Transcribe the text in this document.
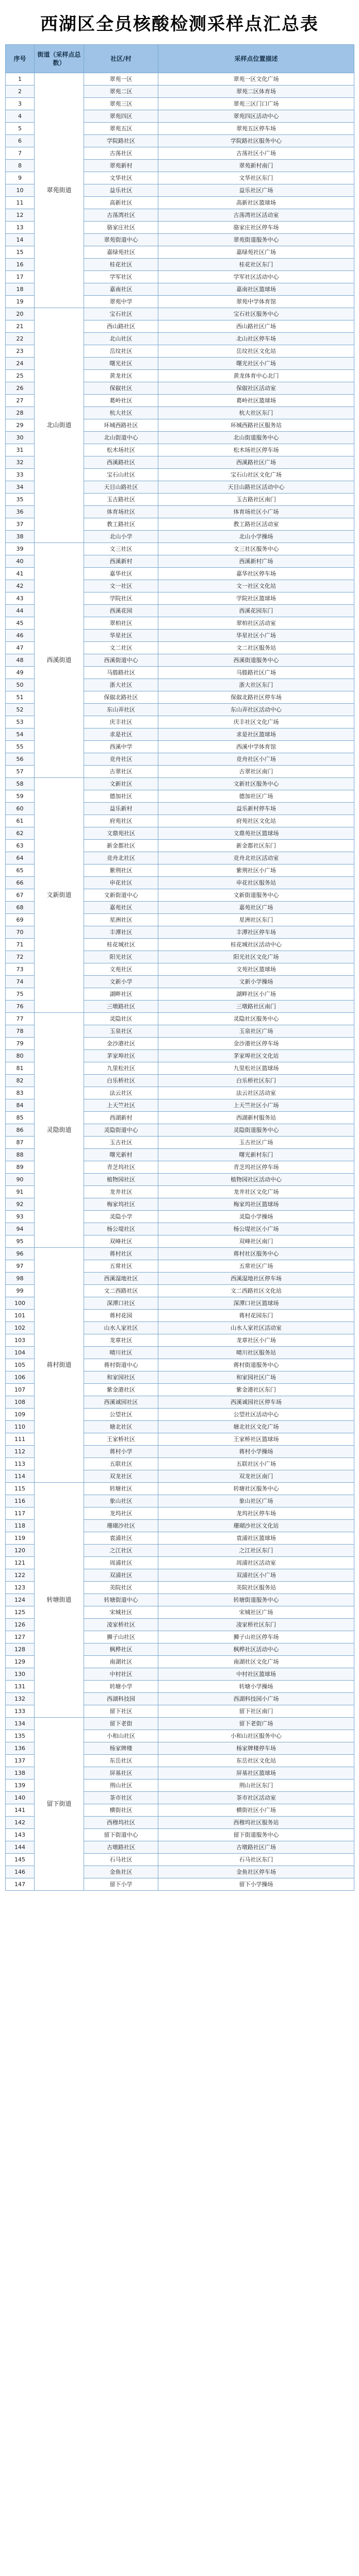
西湖区全员核酸检测采样点汇总表
序号	街道（采样点总数）	社区/村	采样点位置描述
1	翠苑街道	翠苑一区	翠苑一区文化广场
2		翠苑二区	翠苑二区体育场
3		翠苑三区	翠苑三区门口广场
4		翠苑四区	翠苑四区活动中心
5		翠苑五区	翠苑五区停车场
6		学院路社区	学院路社区服务中心
7		古荡社区	古荡社区小广场
8		翠苑新村	翠苑新村南门
9		文华社区	文华社区东门
10		益乐社区	益乐社区广场
11		高新社区	高新社区篮球场
12		古荡湾社区	古荡湾社区活动室
13		骆家庄社区	骆家庄社区停车场
14		翠苑街道中心	翠苑街道服务中心
15		嘉绿苑社区	嘉绿苑社区广场
16		桂花社区	桂花社区东门
17		学军社区	学军社区活动中心
18		嘉南社区	嘉南社区篮球场
19		翠苑中学	翠苑中学体育馆
20	北山街道	宝石社区	宝石社区服务中心
21		西山路社区	西山路社区广场
22		北山社区	北山社区停车场
23		岳坟社区	岳坟社区文化站
24		曙光社区	曙光社区小广场
25		黄龙社区	黄龙体育中心北门
26		保俶社区	保俶社区活动室
27		葛岭社区	葛岭社区篮球场
28		杭大社区	杭大社区东门
29		环城西路社区	环城西路社区服务站
30		北山街道中心	北山街道服务中心
31		松木场社区	松木场社区停车场
32		西溪路社区	西溪路社区广场
33		宝石山社区	宝石山社区文化广场
34		天目山路社区	天目山路社区活动中心
35		玉古路社区	玉古路社区南门
36		体育场社区	体育场社区小广场
37		教工路社区	教工路社区活动室
38		北山小学	北山小学操场
39	西溪街道	文三社区	文三社区服务中心
40		西溪新村	西溪新村广场
41		嘉华社区	嘉华社区停车场
42		文一社区	文一社区文化站
43		学院社区	学院社区篮球场
44		西溪花园	西溪花园东门
45		翠柏社区	翠柏社区活动室
46		华星社区	华星社区小广场
47		文二社区	文二社区服务站
48		西溪街道中心	西溪街道服务中心
49		马塍路社区	马塍路社区广场
50		浙大社区	浙大社区东门
51		保俶北路社区	保俶北路社区停车场
52		东山弄社区	东山弄社区活动中心
53		庆丰社区	庆丰社区文化广场
54		求是社区	求是社区篮球场
55		西溪中学	西溪中学体育馆
56		竞舟社区	竞舟社区小广场
57		古翠社区	古翠社区南门
58	文新街道	文新社区	文新社区服务中心
59		德加社区	德加社区广场
60		益乐新村	益乐新村停车场
61		府苑社区	府苑社区文化站
62		文鼎苑社区	文鼎苑社区篮球场
63		新金都社区	新金都社区东门
64		竞舟北社区	竞舟北社区活动室
65		紫荆社区	紫荆社区小广场
66		申花社区	申花社区服务站
67		文新街道中心	文新街道服务中心
68		嘉苑社区	嘉苑社区广场
69		星洲社区	星洲社区东门
70		丰潭社区	丰潭社区停车场
71		桂花城社区	桂花城社区活动中心
72		阳光社区	阳光社区文化广场
73		文苑社区	文苑社区篮球场
74		文新小学	文新小学操场
75		湖畔社区	湖畔社区小广场
76		三墩路社区	三墩路社区南门
77	灵隐街道	灵隐社区	灵隐社区服务中心
78		玉泉社区	玉泉社区广场
79		金沙港社区	金沙港社区停车场
80		茅家埠社区	茅家埠社区文化站
81		九里松社区	九里松社区篮球场
82		白乐桥社区	白乐桥社区东门
83		法云社区	法云社区活动室
84		上天竺社区	上天竺社区小广场
85		西湖新村	西湖新村服务站
86		灵隐街道中心	灵隐街道服务中心
87		玉古社区	玉古社区广场
88		曙光新村	曙光新村东门
89		青芝坞社区	青芝坞社区停车场
90		植物园社区	植物园社区活动中心
91		龙井社区	龙井社区文化广场
92		梅家坞社区	梅家坞社区篮球场
93		灵隐小学	灵隐小学操场
94		杨公堤社区	杨公堤社区小广场
95		双峰社区	双峰社区南门
96	蒋村街道	蒋村社区	蒋村社区服务中心
97		五常社区	五常社区广场
98		西溪湿地社区	西溪湿地社区停车场
99		文二西路社区	文二西路社区文化站
100		深潭口社区	深潭口社区篮球场
101		蒋村花园	蒋村花园东门
102		山水人家社区	山水人家社区活动室
103		龙章社区	龙章社区小广场
104		晴川社区	晴川社区服务站
105		蒋村街道中心	蒋村街道服务中心
106		和家园社区	和家园社区广场
107		紫金港社区	紫金港社区东门
108		西溪诚园社区	西溪诚园社区停车场
109		公望社区	公望社区活动中心
110		塘北社区	塘北社区文化广场
111		王家桥社区	王家桥社区篮球场
112		蒋村小学	蒋村小学操场
113		五联社区	五联社区小广场
114		双龙社区	双龙社区南门
115	转塘街道	转塘社区	转塘社区服务中心
116		象山社区	象山社区广场
117		龙坞社区	龙坞社区停车场
118		珊瑚沙社区	珊瑚沙社区文化站
119		袁浦社区	袁浦社区篮球场
120		之江社区	之江社区东门
121		周浦社区	周浦社区活动室
122		双浦社区	双浦社区小广场
123		美院社区	美院社区服务站
124		转塘街道中心	转塘街道服务中心
125		宋城社区	宋城社区广场
126		凌家桥社区	凌家桥社区东门
127		狮子山社区	狮子山社区停车场
128		枫桦社区	枫桦社区活动中心
129		南湖社区	南湖社区文化广场
130		中村社区	中村社区篮球场
131		转塘小学	转塘小学操场
132		西湖科技园	西湖科技园小广场
133		留下社区	留下社区南门
134	留下街道	留下老街	留下老街广场
135		小和山社区	小和山社区服务中心
136		杨家牌楼	杨家牌楼停车场
137		东岳社区	东岳社区文化站
138		屏基社区	屏基社区篮球场
139		荆山社区	荆山社区东门
140		茶市社区	茶市社区活动室
141		横街社区	横街社区小广场
142		西穆坞社区	西穆坞社区服务站
143		留下街道中心	留下街道服务中心
144		古墩路社区	古墩路社区广场
145		石马社区	石马社区东门
146		金鱼社区	金鱼社区停车场
147		留下小学	留下小学操场
